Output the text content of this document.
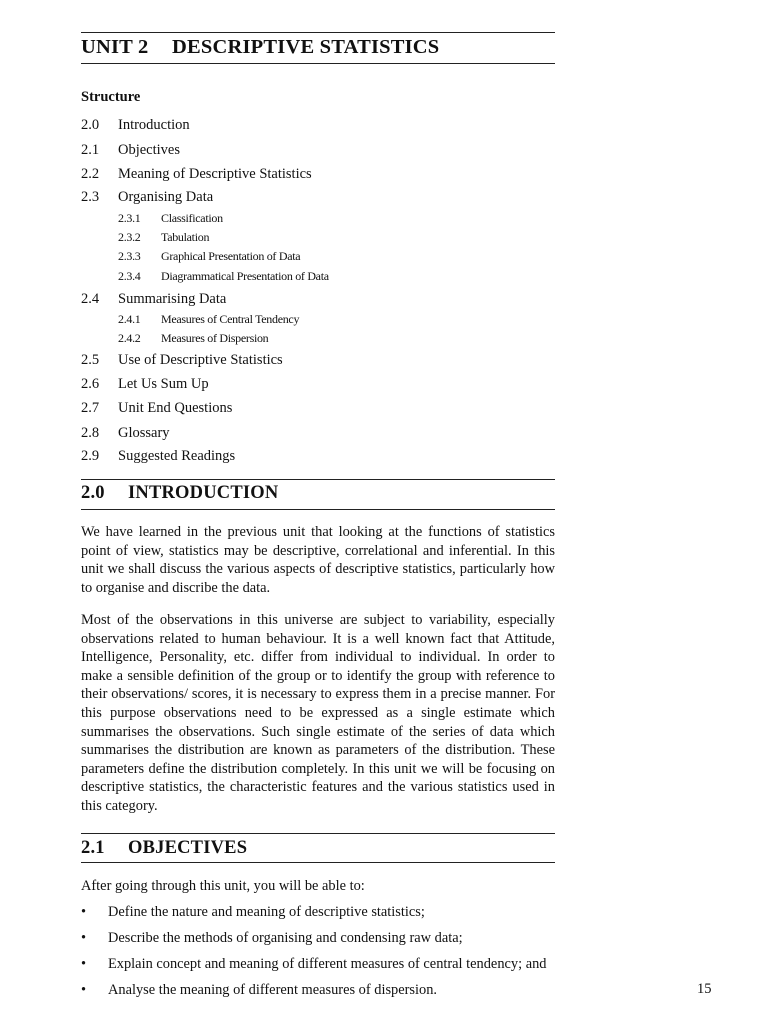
UNIT 2 DESCRIPTIVE STATISTICS
Structure
2.0 Introduction
2.1 Objectives
2.2 Meaning of Descriptive Statistics
2.3 Organising Data
2.3.1 Classification
2.3.2 Tabulation
2.3.3 Graphical Presentation of Data
2.3.4 Diagrammatical Presentation of Data
2.4 Summarising Data
2.4.1 Measures of Central Tendency
2.4.2 Measures of Dispersion
2.5 Use of Descriptive Statistics
2.6 Let Us Sum Up
2.7 Unit End Questions
2.8 Glossary
2.9 Suggested Readings
2.0 INTRODUCTION

We have learned in the previous unit that looking at the functions of statistics point of view, statistics may be descriptive, correlational and inferential. In this unit we shall discuss the various aspects of descriptive statistics, particularly how to organise and discribe the data.

Most of the observations in this universe are subject to variability, especially observations related to human behaviour. It is a well known fact that Attitude, Intelligence, Personality, etc. differ from individual to individual. In order to make a sensible definition of the group or to identify the group with reference to their observations/ scores, it is necessary to express them in a precise manner. For this purpose observations need to be expressed as a single estimate which summarises the observations. Such single estimate of the series of data which summarises the distribution are known as parameters of the distribution. These parameters define the distribution completely. In this unit we will be focusing on descriptive statistics, the characteristic features and the various statistics used in this category.

2.1 OBJECTIVES
After going through this unit, you will be able to:
• Define the nature and meaning of descriptive statistics;
• Describe the methods of organising and condensing raw data;
• Explain concept and meaning of different measures of central tendency; and
• Analyse the meaning of different measures of dispersion.	15
